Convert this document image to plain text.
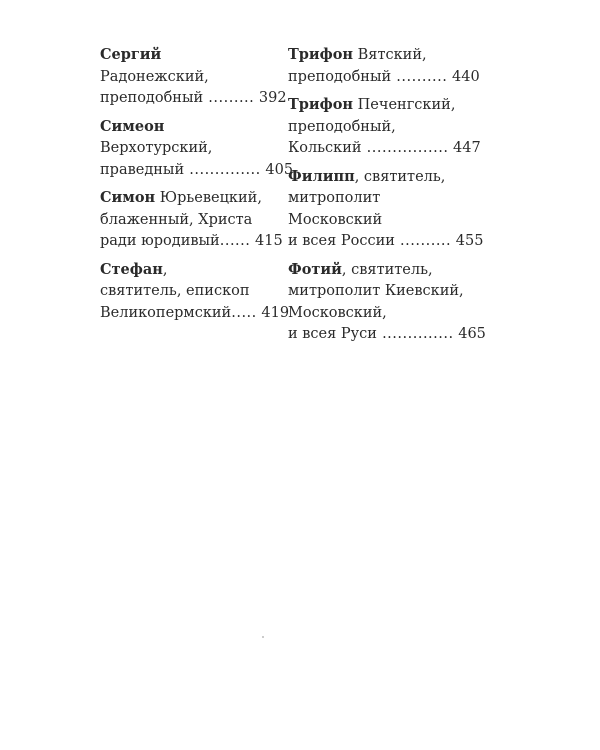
Сергий
Радонежский,
преподобный ......... 392
Симеон
Верхотурский,
праведный .............. 405
Симон Юрьевецкий,
блаженный, Христа
ради юродивый...... 415
Стефан,
святитель, епископ
Великопермский..... 419
Трифон Вятский,
преподобный .......... 440
Трифон Печенгский,
преподобный,
Кольский ................ 447
Филипп, святитель,
митрополит
Московский
и всея России .......... 455
Фотий, святитель,
митрополит Киевский,
Московский,
и всея Руси .............. 465
